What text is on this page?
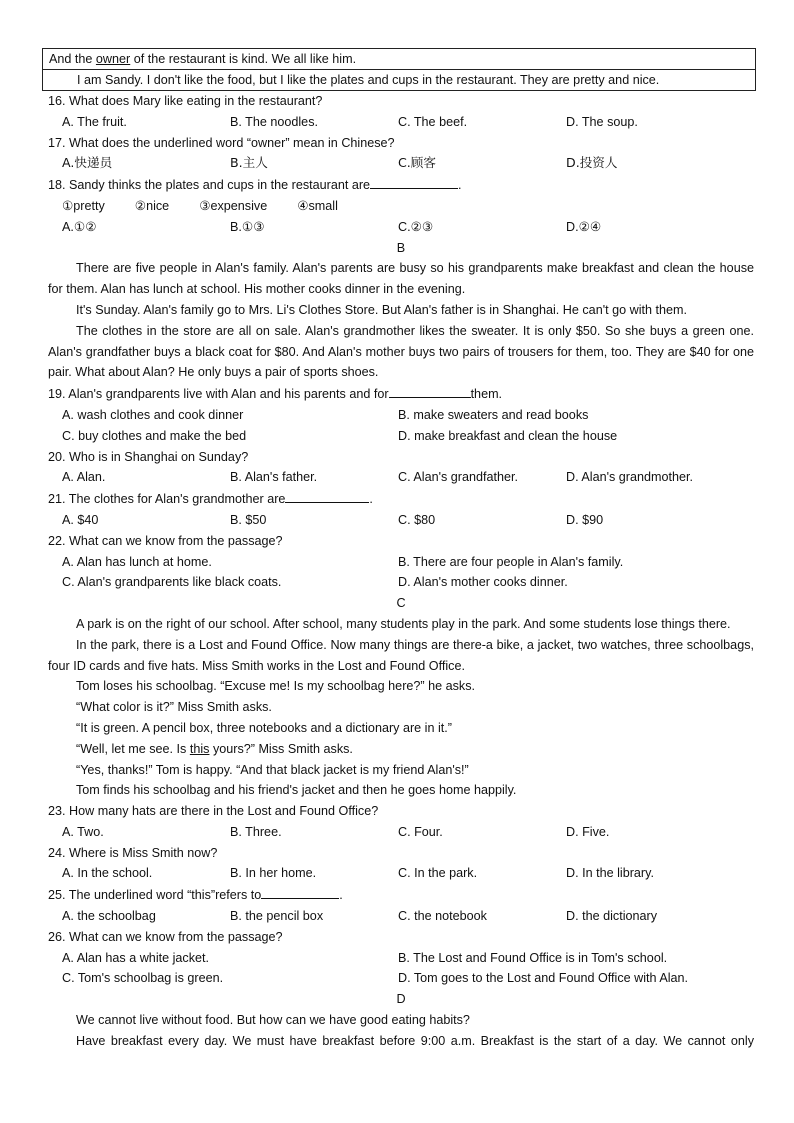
And the owner of the restaurant is kind. We all like him.
I am Sandy. I don't like the food, but I like the plates and cups in the restaurant. They are pretty and nice.
16. What does Mary like eating in the restaurant?
A. The fruit.	B. The noodles.	C. The beef.	D. The soup.
17. What does the underlined word “owner” mean in Chinese?
A.快递员	B.主人	C.顾客	D.投资人
18. Sandy thinks the plates and cups in the restaurant are	.
①pretty ②nice ③expensive ④small
A.①②	B.①③	C.②③	D.②④
B
There are five people in Alan's family. Alan's parents are busy so his grandparents make breakfast and clean the house for them. Alan has lunch at school. His mother cooks dinner in the evening.
It's Sunday. Alan's family go to Mrs. Li's Clothes Store. But Alan's father is in Shanghai. He can't go with them.
The clothes in the store are all on sale. Alan's grandmother likes the sweater. It is only $50. So she buys a green one. Alan's grandfather buys a black coat for $80. And Alan's mother buys two pairs of trousers for them, too. They are $40 for one pair. What about Alan? He only buys a pair of sports shoes.
19. Alan's grandparents live with Alan and his parents and for	them.
A. wash clothes and cook dinner	B. make sweaters and read books
C. buy clothes and make the bed	D. make breakfast and clean the house
20. Who is in Shanghai on Sunday?
A. Alan.	B. Alan's father.	C. Alan's grandfather.	D. Alan's grandmother.
21. The clothes for Alan's grandmother are	.
A. $40	B. $50	C. $80	D. $90
22. What can we know from the passage?
A. Alan has lunch at home.	B. There are four people in Alan's family.
C. Alan's grandparents like black coats.	D. Alan's mother cooks dinner.
C
A park is on the right of our school. After school, many students play in the park. And some students lose things there.
In the park, there is a Lost and Found Office. Now many things are there-a bike, a jacket, two watches, three schoolbags, four ID cards and five hats. Miss Smith works in the Lost and Found Office.
Tom loses his schoolbag. “Excuse me! Is my schoolbag here?” he asks.
“What color is it?” Miss Smith asks.
“It is green. A pencil box, three notebooks and a dictionary are in it.”
“Well, let me see. Is this yours?” Miss Smith asks.
“Yes, thanks!” Tom is happy. “And that black jacket is my friend Alan's!”
Tom finds his schoolbag and his friend's jacket and then he goes home happily.
23. How many hats are there in the Lost and Found Office?
A. Two.	B. Three.	C. Four.	D. Five.
24. Where is Miss Smith now?
A. In the school.	B. In her home.	C. In the park.	D. In the library.
25. The underlined word “this”refers to	.
A. the schoolbag	B. the pencil box	C. the notebook	D. the dictionary
26. What can we know from the passage?
A. Alan has a white jacket.	B. The Lost and Found Office is in Tom's school.
C. Tom's schoolbag is green.	D. Tom goes to the Lost and Found Office with Alan.
D
We cannot live without food. But how can we have good eating habits?
Have breakfast every day. We must have breakfast before 9:00 a.m. Breakfast is the start of a day. We cannot only
